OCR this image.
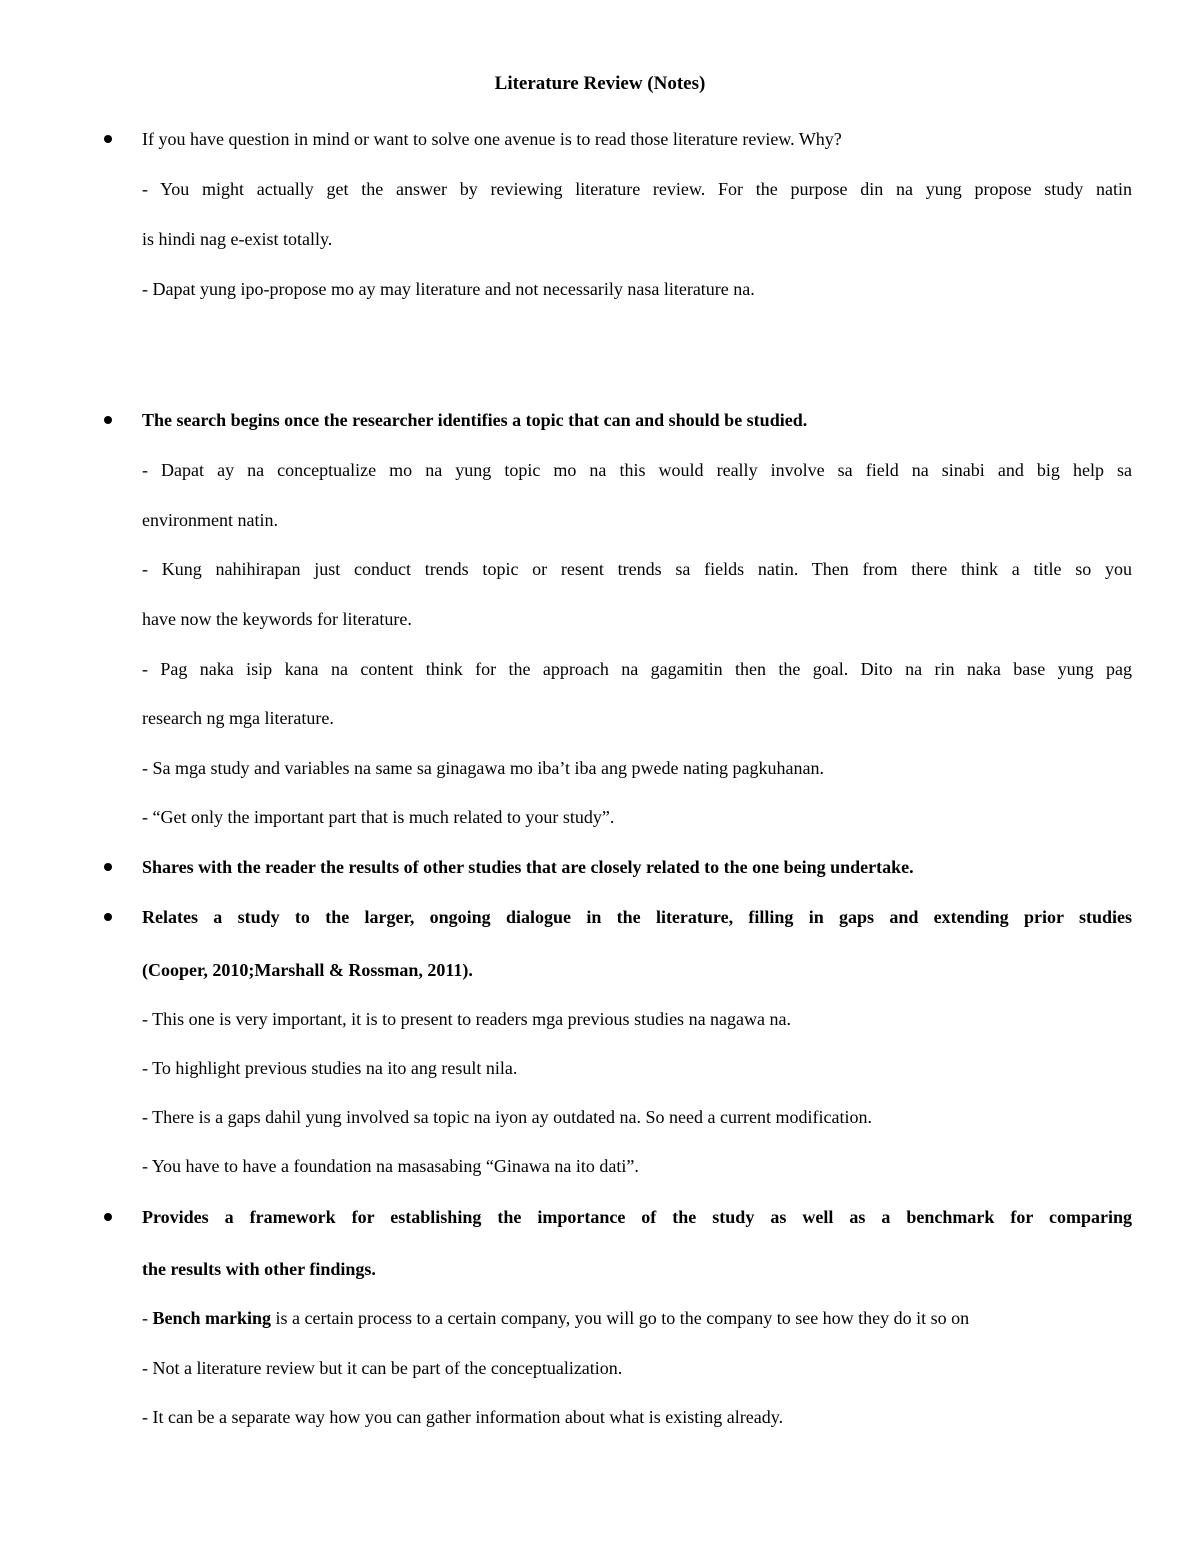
Literature Review (Notes)
If you have question in mind or want to solve one avenue is to read those literature review. Why?
- You might actually get the answer by reviewing literature review. For the purpose din na yung propose study natin
is hindi nag e-exist totally.
- Dapat yung ipo-propose mo ay may literature and not necessarily nasa literature na.
The search begins once the researcher identifies a topic that can and should be studied.
- Dapat ay na conceptualize mo na yung topic mo na this would really involve sa field na sinabi and big help sa
environment natin.
- Kung nahihirapan just conduct trends topic or resent trends sa fields natin. Then from there think a title so you
have now the keywords for literature.
- Pag naka isip kana na content think for the approach na gagamitin then the goal. Dito na rin naka base yung pag
research ng mga literature.
- Sa mga study and variables na same sa ginagawa mo iba’t iba ang pwede nating pagkuhanan.
- “Get only the important part that is much related to your study”.
Shares with the reader the results of other studies that are closely related to the one being undertake.
Relates a study to the larger, ongoing dialogue in the literature, filling in gaps and extending prior studies
(Cooper, 2010;Marshall & Rossman, 2011).
- This one is very important, it is to present to readers mga previous studies na nagawa na.
- To highlight previous studies na ito ang result nila.
- There is a gaps dahil yung involved sa topic na iyon ay outdated na. So need a current modification.
- You have to have a foundation na masasabing “Ginawa na ito dati”.
Provides a framework for establishing the importance of the study as well as a benchmark for comparing
the results with other findings.
- Bench marking is a certain process to a certain company, you will go to the company to see how they do it so on
- Not a literature review but it can be part of the conceptualization.
- It can be a separate way how you can gather information about what is existing already.
